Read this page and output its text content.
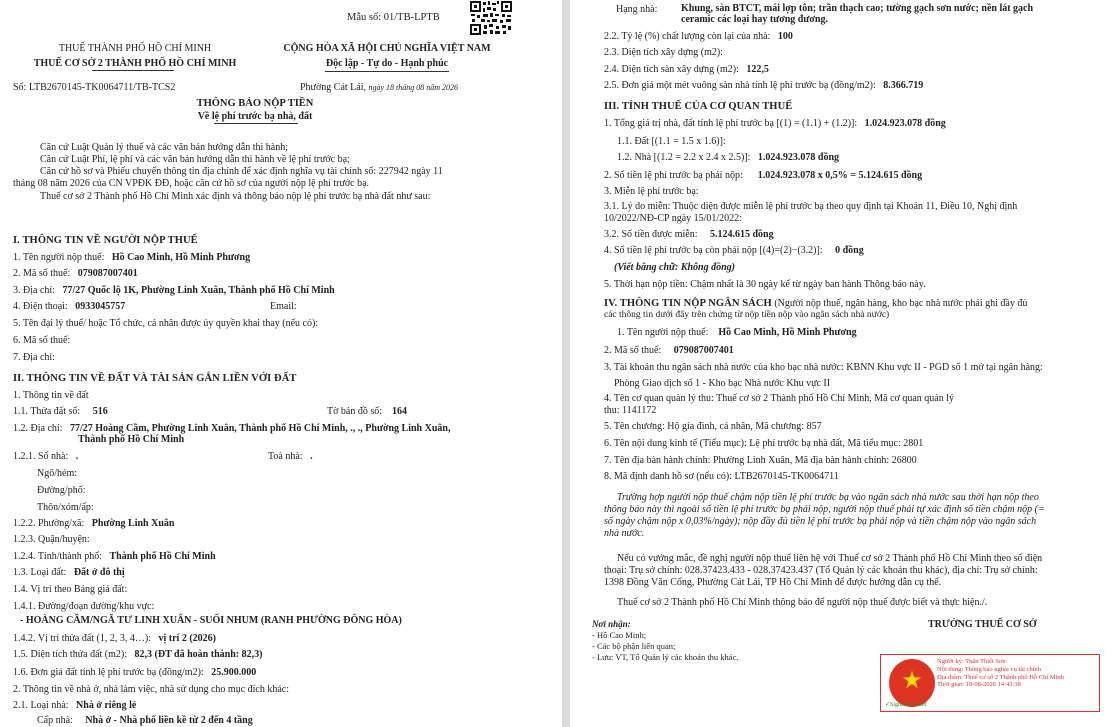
Mẫu số: 01/TB-LPTB
THUẾ THÀNH PHỐ HỒ CHÍ MINH
THUẾ CƠ SỞ 2 THÀNH PHỐ HỒ CHÍ MINH
CỘNG HÒA XÃ HỘI CHỦ NGHĨA VIỆT NAM
Độc lập - Tự do - Hạnh phúc
Số: LTB2670145-TK0064711/TB-TCS2	Phường Cát Lái, ngày 18 tháng 08 năm 2026
THÔNG BÁO NỘP TIỀN
Về lệ phí trước bạ nhà, đất
Căn cứ Luật Quản lý thuế và các văn bản hướng dẫn thi hành;
Căn cứ Luật Phí, lệ phí và các văn bản hướng dẫn thi hành về lệ phí trước bạ;
Căn cứ hồ sơ và Phiếu chuyển thông tin địa chính để xác định nghĩa vụ tài chính số: 227942 ngày 11
tháng 08 năm 2026 của CN VPĐK ĐĐ, hoặc căn cứ hồ sơ của người nộp lệ phí trước bạ.
Thuế cơ sở 2 Thành phố Hồ Chí Minh xác định và thông báo nộp lệ phí trước bạ nhà đất như sau:
I. THÔNG TIN VỀ NGƯỜI NỘP THUẾ
1. Tên người nộp thuế: Hồ Cao Minh, Hồ Minh Phương
2. Mã số thuế: 079087007401
3. Địa chỉ: 77/27 Quốc lộ 1K, Phường Linh Xuân, Thành phố Hồ Chí Minh
4. Điện thoại: 0933045757	Email:
5. Tên đại lý thuế/ hoặc Tổ chức, cá nhân được ủy quyền khai thay (nếu có):
6. Mã số thuế:
7. Địa chỉ:
II. THÔNG TIN VỀ ĐẤT VÀ TÀI SẢN GẮN LIỀN VỚI ĐẤT
1. Thông tin về đất
1.1. Thửa đất số: 516	Tờ bản đồ số: 164
1.2. Địa chỉ: 77/27 Hoàng Cầm, Phường Linh Xuân, Thành phố Hồ Chí Minh, ., ., Phường Linh Xuân,
Thành phố Hồ Chí Minh
1.2.1. Số nhà: .	Toà nhà: .
Ngõ/hẻm:
Đường/phố:
Thôn/xóm/ấp:
1.2.2. Phường/xã: Phường Linh Xuân
1.2.3. Quận/huyện:
1.2.4. Tỉnh/thành phố: Thành phố Hồ Chí Minh
1.3. Loại đất: Đất ở đô thị
1.4. Vị trí theo Bảng giá đất:
1.4.1. Đường/đoạn đường/khu vực:
- HOÀNG CẦM/NGÃ TƯ LINH XUÂN - SUỐI NHUM (RANH PHƯỜNG ĐÔNG HÒA)
1.4.2. Vị trí thửa đất (1, 2, 3, 4…): vị trí 2 (2026)
1.5. Diện tích thửa đất (m2): 82,3 (ĐT đã hoàn thành: 82,3)
1.6. Đơn giá đất tính lệ phí trước bạ (đồng/m2): 25.900.000
2. Thông tin về nhà ở, nhà làm việc, nhà sử dụng cho mục đích khác:
2.1. Loại nhà: Nhà ở riêng lẻ
Cấp nhà: Nhà ở - Nhà phố liền kề từ 2 đến 4 tầng
Hạng nhà: Khung, sàn BTCT, mái lợp tôn; trần thạch cao; tường gạch sơn nước; nền lát gạch
ceramic các loại hay tương đương.
2.2. Tỷ lệ (%) chất lượng còn lại của nhà: 100
2.3. Diện tích xây dựng (m2):
2.4. Diện tích sàn xây dựng (m2): 122,5
2.5. Đơn giá một mét vuông sàn nhà tính lệ phí trước bạ (đồng/m2): 8.366.719
III. TÍNH THUẾ CỦA CƠ QUAN THUẾ
1. Tổng giá trị nhà, đất tính lệ phí trước bạ [(1) = (1.1) + (1.2)]: 1.024.923.078 đồng
1.1. Đất [(1.1 = 1.5 x 1.6)]:
1.2. Nhà [(1.2 = 2.2 x 2.4 x 2.5)]: 1.024.923.078 đồng
2. Số tiền lệ phí trước bạ phải nộp: 1.024.923.078 x 0,5% = 5.124.615 đồng
3. Miễn lệ phí trước bạ:
3.1. Lý do miễn: Thuộc diện được miễn lệ phí trước bạ theo quy định tại Khoản 11, Điều 10, Nghị định
10/2022/NĐ-CP ngày 15/01/2022:
3.2. Số tiền được miễn: 5.124.615 đồng
4. Số tiền lệ phí trước bạ còn phải nộp [(4)=(2)−(3.2)]: 0 đồng
(Viết bằng chữ: Không đồng)
5. Thời hạn nộp tiền: Chậm nhất là 30 ngày kể từ ngày ban hành Thông báo này.
IV. THÔNG TIN NỘP NGÂN SÁCH (Người nộp thuế, ngân hàng, kho bạc nhà nước phải ghi đầy đủ
các thông tin dưới đây trên chứng từ nộp tiền nộp vào ngân sách nhà nước)
1. Tên người nộp thuế: Hồ Cao Minh, Hồ Minh Phương
2. Mã số thuế: 079087007401
3. Tài khoản thu ngân sách nhà nước của kho bạc nhà nước: KBNN Khu vực II - PGD số 1 mở tại ngân hàng:
Phòng Giao dịch số 1 - Kho bạc Nhà nước Khu vực II
4. Tên cơ quan quản lý thu: Thuế cơ sở 2 Thành phố Hồ Chí Minh, Mã cơ quan quản lý
thu: 1141172
5. Tên chương: Hộ gia đình, cá nhân, Mã chương: 857
6. Tên nội dung kinh tế (Tiểu mục): Lệ phí trước bạ nhà đất, Mã tiểu mục: 2801
7. Tên địa bàn hành chính: Phường Linh Xuân, Mã địa bàn hành chính: 26800
8. Mã định danh hồ sơ (nếu có): LTB2670145-TK0064711
Trường hợp người nộp thuế chậm nộp tiền lệ phí trước bạ vào ngân sách nhà nước sau thời hạn nộp theo
thông báo này thì ngoài số tiền lệ phí trước bạ phải nộp, người nộp thuế phải tự xác định số tiền chậm nộp (=
số ngày chậm nộp x 0,03%/ngày); nộp đầy đủ tiền lệ phí trước bạ phải nộp và tiền chậm nộp vào ngân sách
nhà nước.
Nếu có vướng mắc, đề nghị người nộp thuế liên hệ với Thuế cơ sở 2 Thành phố Hồ Chí Minh theo số điện
thoại: Trụ sở chính: 028.37423.433 - 028.37423.437 (Tổ Quản lý các khoản thu khác), địa chỉ: Trụ sở chính:
1398 Đồng Văn Cống, Phường Cát Lái, TP Hồ Chí Minh để được hướng dẫn cụ thể.
Thuế cơ sở 2 Thành phố Hồ Chí Minh thông báo để người nộp thuế được biết và thực hiện./.
Nơi nhận:
- Hồ Cao Minh;
- Các bộ phận liên quan;
- Lưu: VT, Tổ Quản lý các khoản thu khác.
TRƯỞNG THUẾ CƠ SỞ
★
Người ký: Thân Thiết Sơn
Nội dung: Thông báo nghĩa vụ tài chính
Địa điểm: Thuế cơ sở 2 Thành phố Hồ Chí Minh
Thời gian: 18-08-2026 14:43:38
✓Signature valid
